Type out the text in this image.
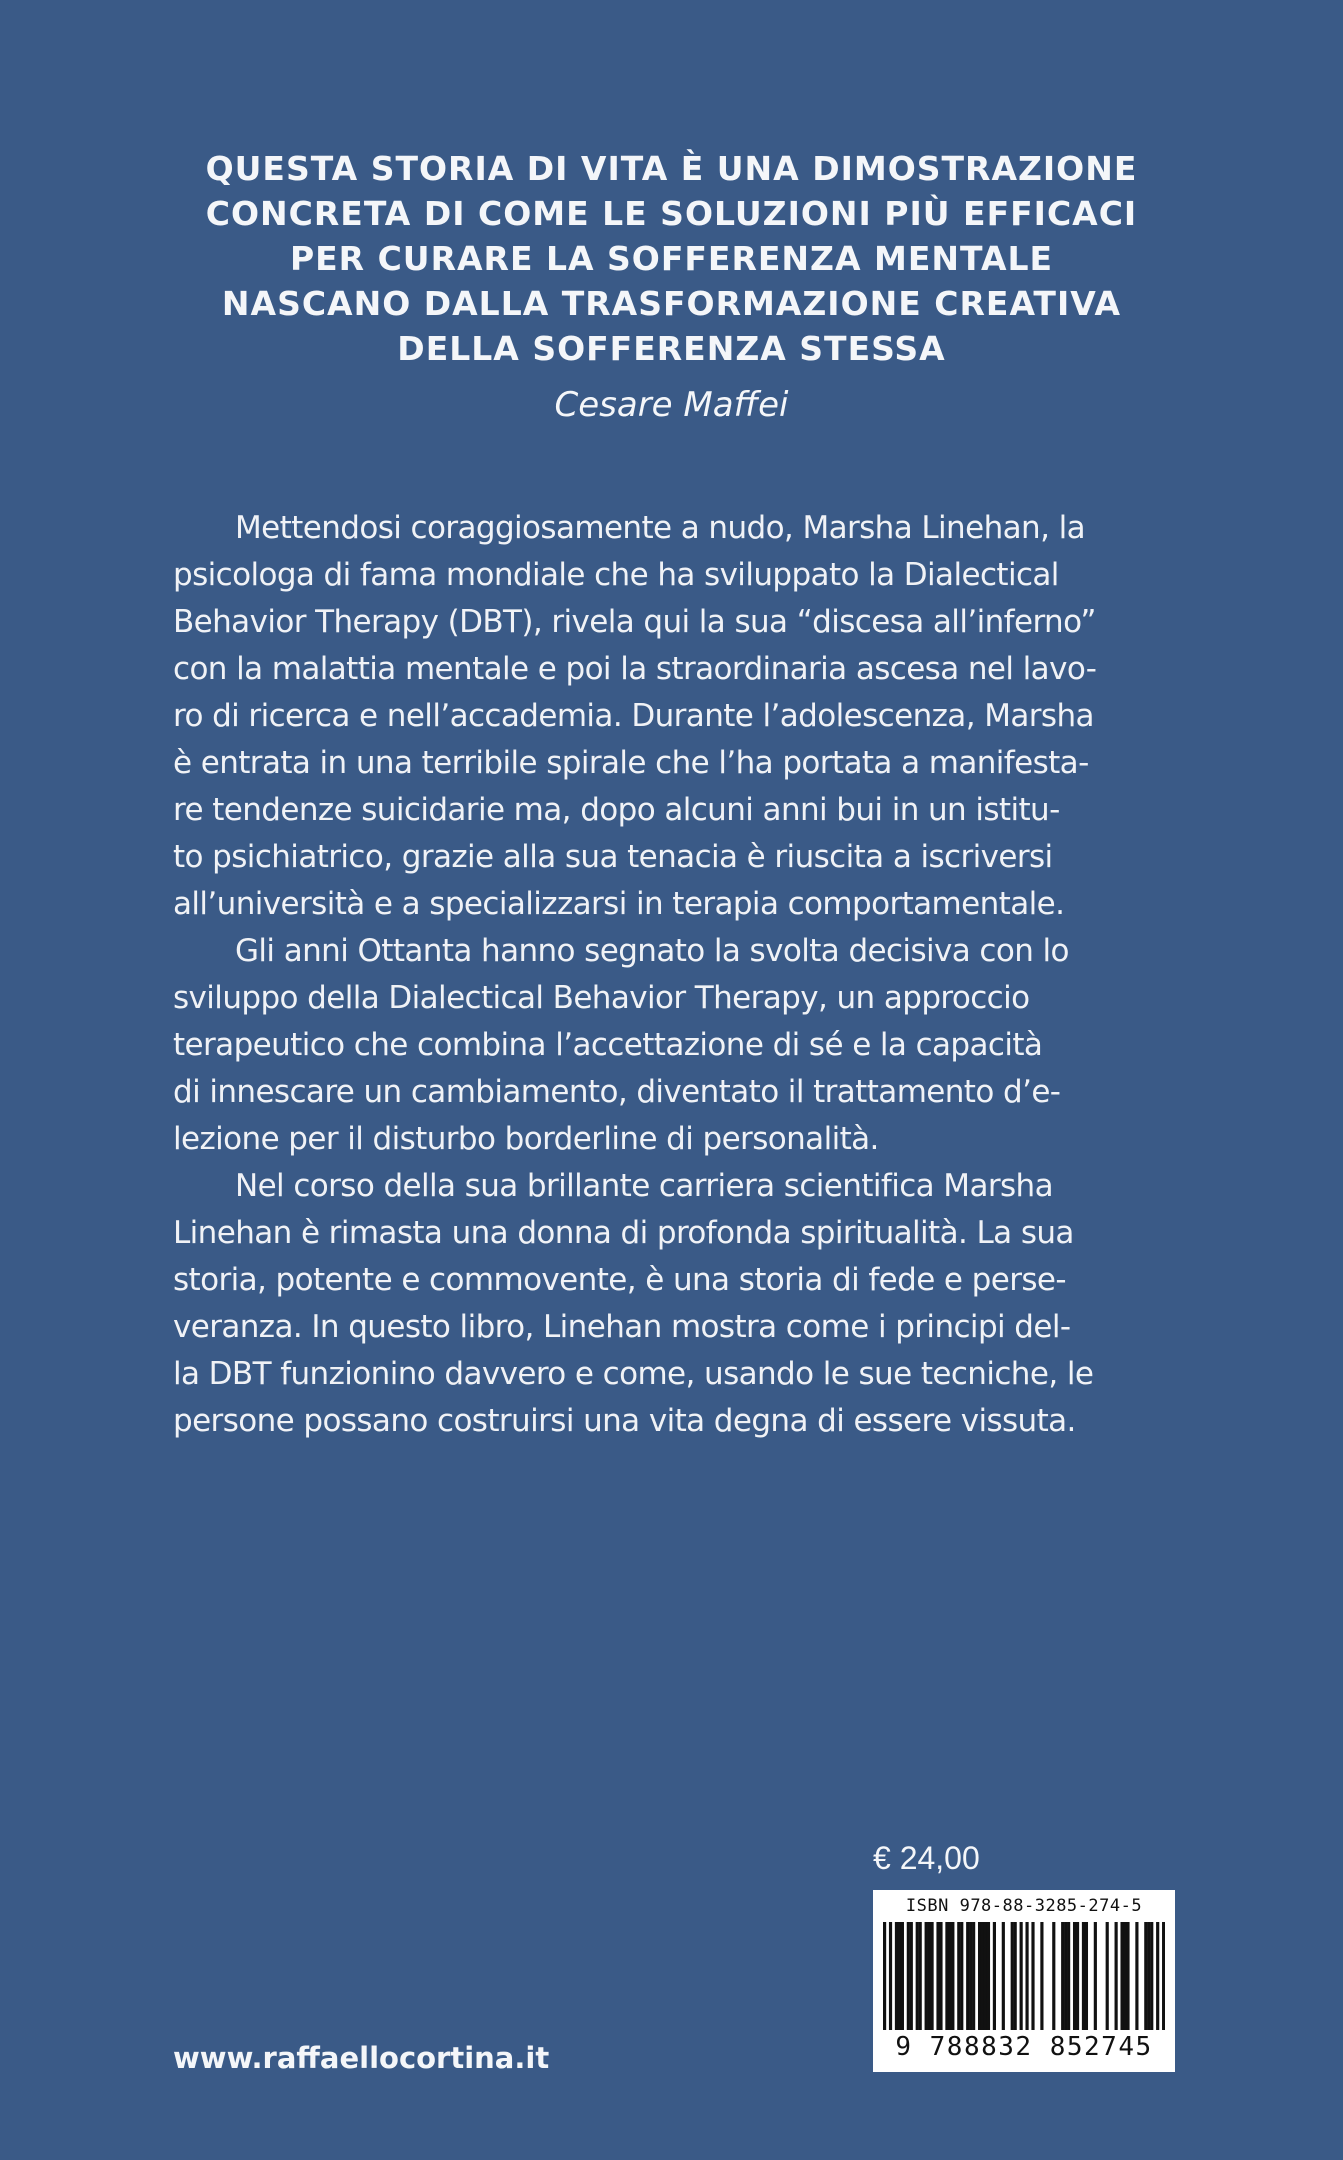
QUESTA STORIA DI VITA È UNA DIMOSTRAZIONE
CONCRETA DI COME LE SOLUZIONI PIÙ EFFICACI
PER CURARE LA SOFFERENZA MENTALE
NASCANO DALLA TRASFORMAZIONE CREATIVA
DELLA SOFFERENZA STESSA
Cesare Maffei

Mettendosi coraggiosamente a nudo, Marsha Linehan, la
psicologa di fama mondiale che ha sviluppato la Dialectical
Behavior Therapy (DBT), rivela qui la sua “discesa all’inferno”
con la malattia mentale e poi la straordinaria ascesa nel lavo-
ro di ricerca e nell’accademia. Durante l’adolescenza, Marsha
è entrata in una terribile spirale che l’ha portata a manifesta-
re tendenze suicidarie ma, dopo alcuni anni bui in un istitu-
to psichiatrico, grazie alla sua tenacia è riuscita a iscriversi
all’università e a specializzarsi in terapia comportamentale.

Gli anni Ottanta hanno segnato la svolta decisiva con lo
sviluppo della Dialectical Behavior Therapy, un approccio
terapeutico che combina l’accettazione di sé e la capacità
di innescare un cambiamento, diventato il trattamento d’e-
lezione per il disturbo borderline di personalità.

Nel corso della sua brillante carriera scientifica Marsha
Linehan è rimasta una donna di profonda spiritualità. La sua
storia, potente e commovente, è una storia di fede e perse-
veranza. In questo libro, Linehan mostra come i principi del-
la DBT funzionino davvero e come, usando le sue tecniche, le
persone possano costruirsi una vita degna di essere vissuta.

€ 24,00
ISBN 978-88-3285-274-5
9 788832 852745
www.raffaellocortina.it
